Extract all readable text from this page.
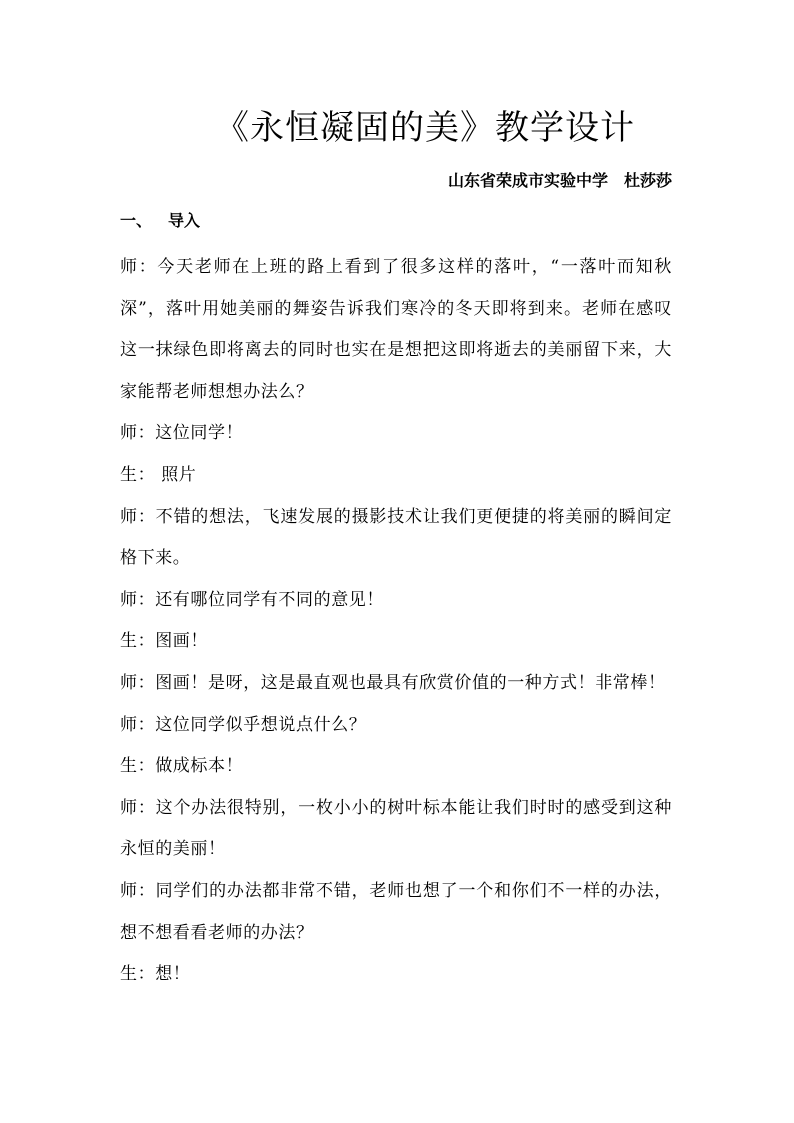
《永恒凝固的美》教学设计
山东省荣成市实验中学　杜莎莎
一、 导入

师：今天老师在上班的路上看到了很多这样的落叶，“一落叶而知秋深”，落叶用她美丽的舞姿告诉我们寒冷的冬天即将到来。老师在感叹这一抹绿色即将离去的同时也实在是想把这即将逝去的美丽留下来，大家能帮老师想想办法么？

师：这位同学！

生： 照片

师：不错的想法，飞速发展的摄影技术让我们更便捷的将美丽的瞬间定格下来。

师：还有哪位同学有不同的意见！

生：图画！

师：图画！是呀，这是最直观也最具有欣赏价值的一种方式！非常棒！

师：这位同学似乎想说点什么？

生：做成标本！

师：这个办法很特别，一枚小小的树叶标本能让我们时时的感受到这种永恒的美丽！

师：同学们的办法都非常不错，老师也想了一个和你们不一样的办法，想不想看看老师的办法？

生：想！
